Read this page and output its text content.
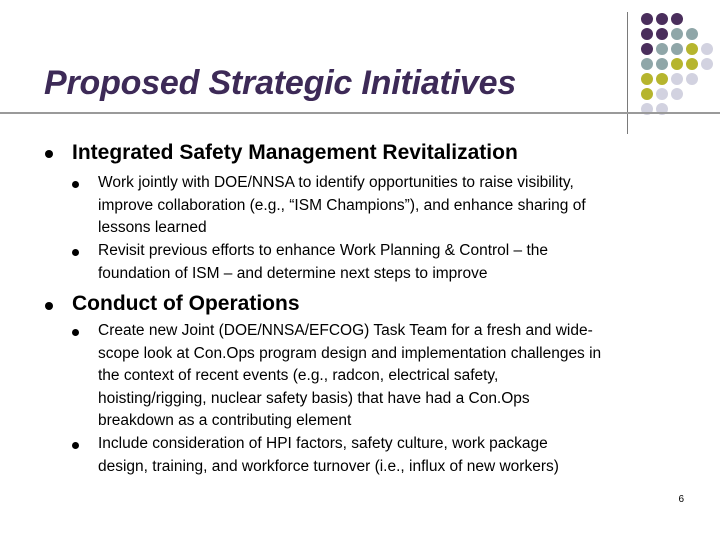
Proposed Strategic Initiatives
Integrated Safety Management Revitalization
Work jointly with DOE/NNSA to identify opportunities to raise visibility,
improve collaboration (e.g., “ISM Champions”), and enhance sharing of
lessons learned
Revisit previous efforts to enhance Work Planning & Control – the
foundation of ISM – and determine next steps to improve
Conduct of Operations
Create new Joint (DOE/NNSA/EFCOG) Task Team for a fresh and wide-
scope look at Con.Ops program design and implementation challenges in
the context of recent events (e.g., radcon, electrical safety,
hoisting/rigging, nuclear safety basis) that have had a Con.Ops
breakdown as a contributing element
Include consideration of HPI factors, safety culture, work package
design, training, and workforce turnover (i.e., influx of new workers)
6
